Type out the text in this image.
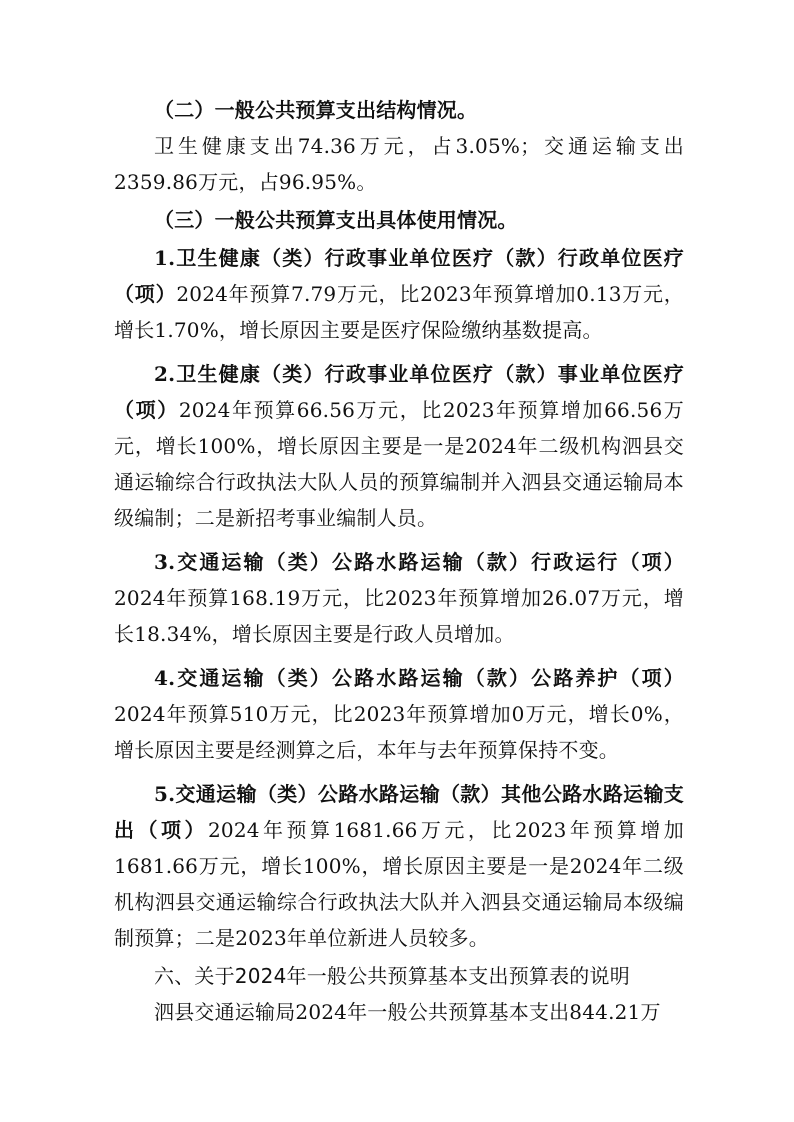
（二）一般公共预算支出结构情况。

卫生健康支出74.36万元，占3.05%；交通运输支出2359.86万元，占96.95%。

（三）一般公共预算支出具体使用情况。

1.卫生健康（类）行政事业单位医疗（款）行政单位医疗（项）2024年预算7.79万元，比2023年预算增加0.13万元，增长1.70%，增长原因主要是医疗保险缴纳基数提高。

2.卫生健康（类）行政事业单位医疗（款）事业单位医疗（项）2024年预算66.56万元，比2023年预算增加66.56万元，增长100%，增长原因主要是一是2024年二级机构泗县交通运输综合行政执法大队人员的预算编制并入泗县交通运输局本级编制；二是新招考事业编制人员。

3.交通运输（类）公路水路运输（款）行政运行（项）2024年预算168.19万元，比2023年预算增加26.07万元，增长18.34%，增长原因主要是行政人员增加。

4.交通运输（类）公路水路运输（款）公路养护（项）2024年预算510万元，比2023年预算增加0万元，增长0%，增长原因主要是经测算之后，本年与去年预算保持不变。

5.交通运输（类）公路水路运输（款）其他公路水路运输支出（项）2024年预算1681.66万元，比2023年预算增加1681.66万元，增长100%，增长原因主要是一是2024年二级机构泗县交通运输综合行政执法大队并入泗县交通运输局本级编制预算；二是2023年单位新进人员较多。

六、关于2024年一般公共预算基本支出预算表的说明

泗县交通运输局2024年一般公共预算基本支出844.21万
